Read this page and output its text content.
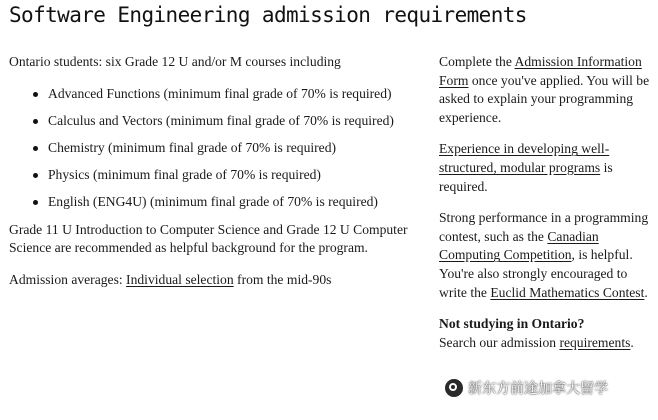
Software Engineering admission requirements

Ontario students: six Grade 12 U and/or M courses including

Advanced Functions (minimum final grade of 70% is required)
Calculus and Vectors (minimum final grade of 70% is required)
Chemistry (minimum final grade of 70% is required)
Physics (minimum final grade of 70% is required)
English (ENG4U) (minimum final grade of 70% is required)

Grade 11 U Introduction to Computer Science and Grade 12 U Computer Science are recommended as helpful background for the program.

Admission averages: Individual selection from the mid-90s

Complete the Admission Information Form once you've applied. You will be asked to explain your programming experience.

Experience in developing well-structured, modular programs is required.

Strong performance in a programming contest, such as the Canadian Computing Competition, is helpful. You're also strongly encouraged to write the Euclid Mathematics Contest.

Not studying in Ontario?

Search our admission requirements.

新东方前途加拿大留学
